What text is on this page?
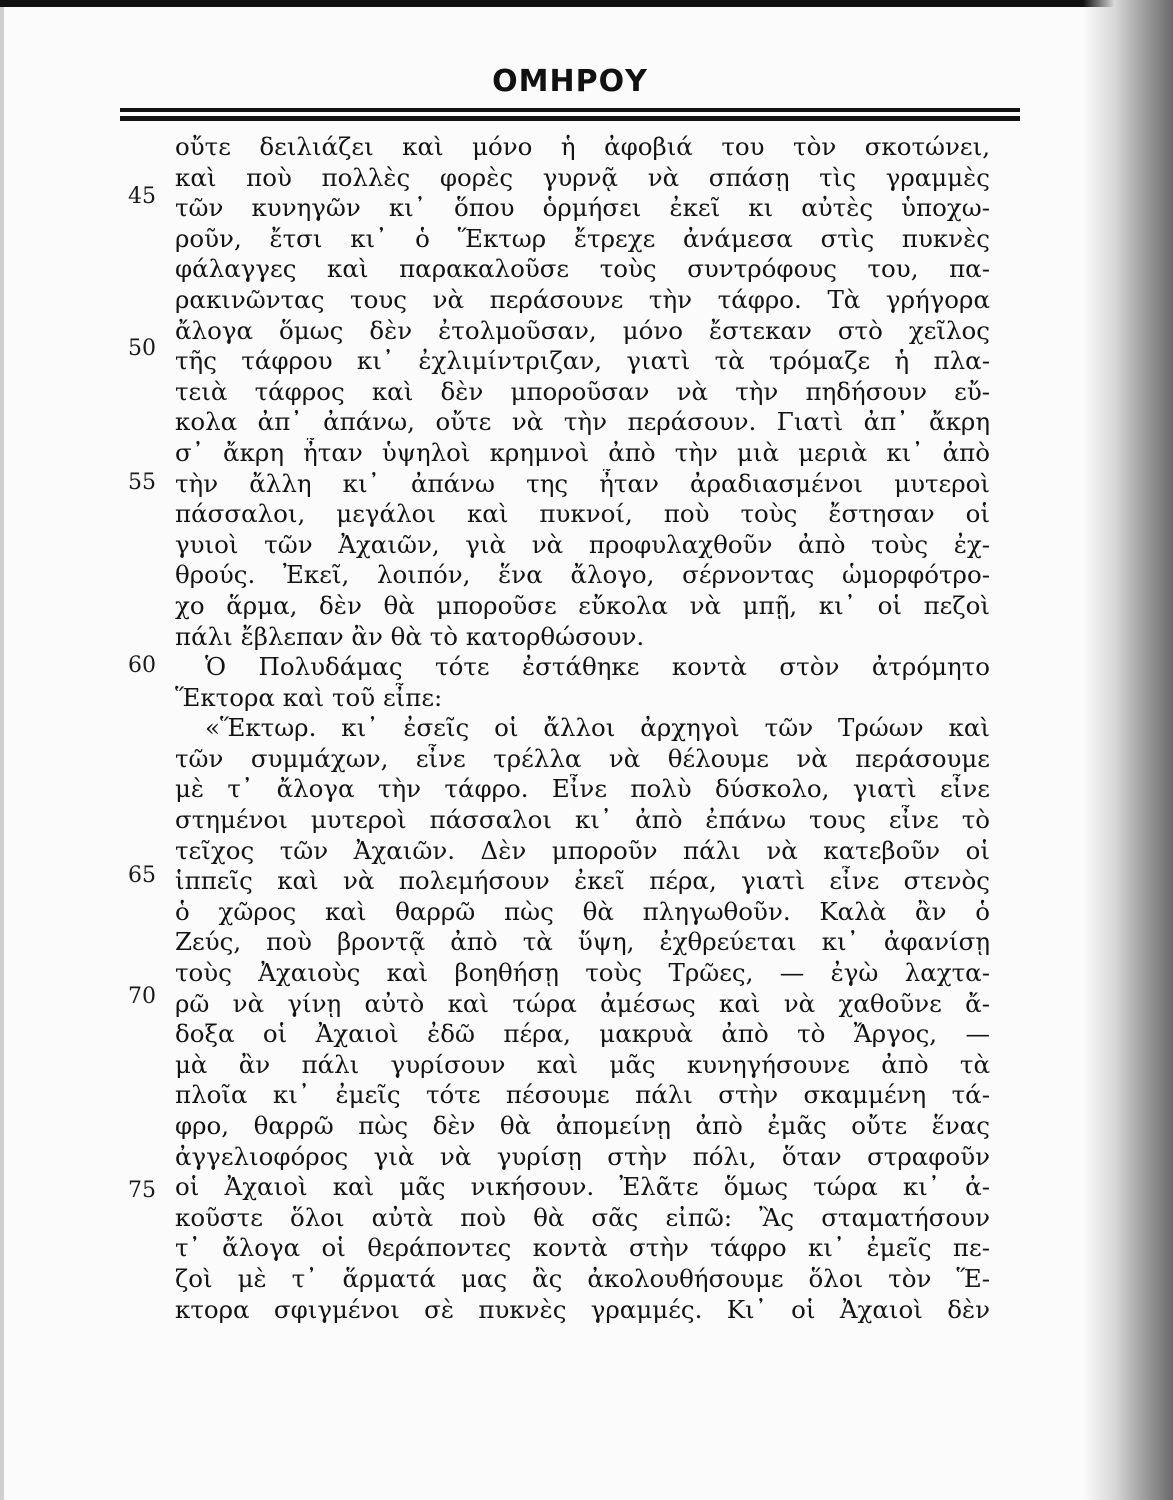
ΟΜΗΡΟΥ
45
50
55
60
65
70
75
οὔτε δειλιάζει καὶ μόνο ἡ ἀφοβιά του τὸν σκοτώνει,
καὶ ποὺ πολλὲς φορὲς γυρνᾷ νὰ σπάσῃ τὶς γραμμὲς
τῶν κυνηγῶν κι᾽ ὅπου ὁρμήσει ἐκεῖ κι αὐτὲς ὑποχω-
ροῦν, ἔτσι κι᾽ ὁ Ἕκτωρ ἔτρεχε ἀνάμεσα στὶς πυκνὲς
φάλαγγες καὶ παρακαλοῦσε τοὺς συντρόφους του, πα-
ρακινῶντας τους νὰ περάσουνε τὴν τάφρο. Τὰ γρήγορα
ἄλογα ὅμως δὲν ἐτολμοῦσαν, μόνο ἔστεκαν στὸ χεῖλος
τῆς τάφρου κι᾽ ἐχλιμίντριζαν, γιατὶ τὰ τρόμαζε ἡ πλα-
τειὰ τάφρος καὶ δὲν μποροῦσαν νὰ τὴν πηδήσουν εὔ-
κολα ἀπ᾽ ἀπάνω, οὔτε νὰ τὴν περάσουν. Γιατὶ ἀπ᾽ ἄκρη
σ᾽ ἄκρη ἦταν ὑψηλοὶ κρημνοὶ ἀπὸ τὴν μιὰ μεριὰ κι᾽ ἀπὸ
τὴν ἄλλη κι᾽ ἀπάνω της ἦταν ἀραδιασμένοι μυτεροὶ
πάσσαλοι, μεγάλοι καὶ πυκνοί, ποὺ τοὺς ἔστησαν οἱ
γυιοὶ τῶν Ἀχαιῶν, γιὰ νὰ προφυλαχθοῦν ἀπὸ τοὺς ἐχ-
θρούς. Ἐκεῖ, λοιπόν, ἕνα ἄλογο, σέρνοντας ὡμορφότρο-
χο ἅρμα, δὲν θὰ μποροῦσε εὔκολα νὰ μπῇ, κι᾽ οἱ πεζοὶ
πάλι ἔβλεπαν ἂν θὰ τὸ κατορθώσουν.
Ὁ Πολυδάμας τότε ἐστάθηκε κοντὰ στὸν ἀτρόμητο
Ἕκτορα καὶ τοῦ εἶπε:
«Ἕκτωρ. κι᾽ ἐσεῖς οἱ ἄλλοι ἀρχηγοὶ τῶν Τρώων καὶ
τῶν συμμάχων, εἶνε τρέλλα νὰ θέλουμε νὰ περάσουμε
μὲ τ᾽ ἄλογα τὴν τάφρο. Εἶνε πολὺ δύσκολο, γιατὶ εἶνε
στημένοι μυτεροὶ πάσσαλοι κι᾽ ἀπὸ ἐπάνω τους εἶνε τὸ
τεῖχος τῶν Ἀχαιῶν. Δὲν μποροῦν πάλι νὰ κατεβοῦν οἱ
ἱππεῖς καὶ νὰ πολεμήσουν ἐκεῖ πέρα, γιατὶ εἶνε στενὸς
ὁ χῶρος καὶ θαρρῶ πὼς θὰ πληγωθοῦν. Καλὰ ἂν ὁ
Ζεύς, ποὺ βροντᾷ ἀπὸ τὰ ὕψη, ἐχθρεύεται κι᾽ ἀφανίσῃ
τοὺς Ἀχαιοὺς καὶ βοηθήσῃ τοὺς Τρῶες, — ἐγὼ λαχτα-
ρῶ νὰ γίνῃ αὐτὸ καὶ τώρα ἀμέσως καὶ νὰ χαθοῦνε ἄ-
δοξα οἱ Ἀχαιοὶ ἐδῶ πέρα, μακρυὰ ἀπὸ τὸ Ἄργος, —
μὰ ἂν πάλι γυρίσουν καὶ μᾶς κυνηγήσουνε ἀπὸ τὰ
πλοῖα κι᾽ ἐμεῖς τότε πέσουμε πάλι στὴν σκαμμένη τά-
φρο, θαρρῶ πὼς δὲν θὰ ἀπομείνῃ ἀπὸ ἐμᾶς οὔτε ἕνας
ἀγγελιοφόρος γιὰ νὰ γυρίσῃ στὴν πόλι, ὅταν στραφοῦν
οἱ Ἀχαιοὶ καὶ μᾶς νικήσουν. Ἐλᾶτε ὅμως τώρα κι᾽ ἀ-
κοῦστε ὅλοι αὐτὰ ποὺ θὰ σᾶς εἰπῶ: Ἂς σταματήσουν
τ᾽ ἄλογα οἱ θεράποντες κοντὰ στὴν τάφρο κι᾽ ἐμεῖς πε-
ζοὶ μὲ τ᾽ ἅρματά μας ἂς ἀκολουθήσουμε ὅλοι τὸν Ἕ-
κτορα σφιγμένοι σὲ πυκνὲς γραμμές. Κι᾽ οἱ Ἀχαιοὶ δὲν
